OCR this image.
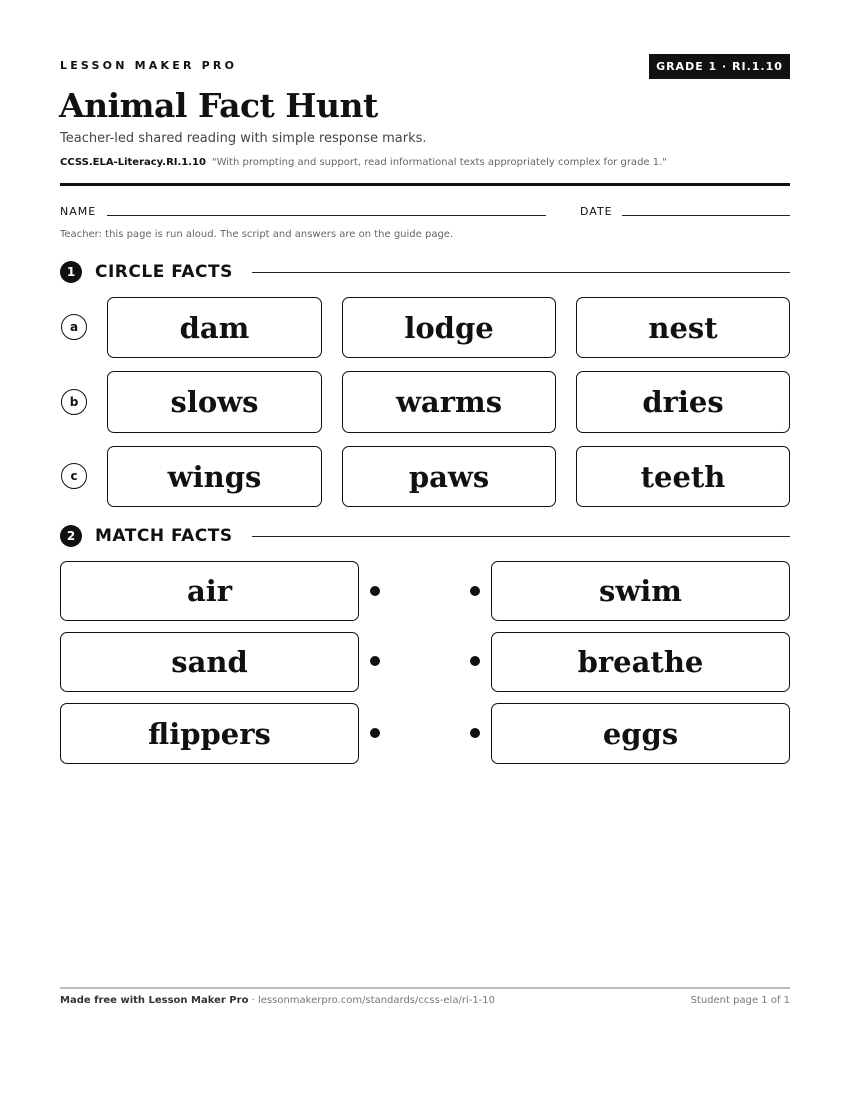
LESSON MAKER PRO	GRADE 1 · RI.1.10
Animal Fact Hunt
Teacher-led shared reading with simple response marks.
CCSS.ELA-Literacy.RI.1.10 "With prompting and support, read informational texts appropriately complex for grade 1."
NAME	DATE
Teacher: this page is run aloud. The script and answers are on the guide page.
1	CIRCLE FACTS
a	dam	lodge	nest
b	slows	warms	dries
c	wings	paws	teeth
2	MATCH FACTS
air	swim
sand	breathe
flippers	eggs
Made free with Lesson Maker Pro · lessonmakerpro.com/standards/ccss-ela/ri-1-10	Student page 1 of 1
